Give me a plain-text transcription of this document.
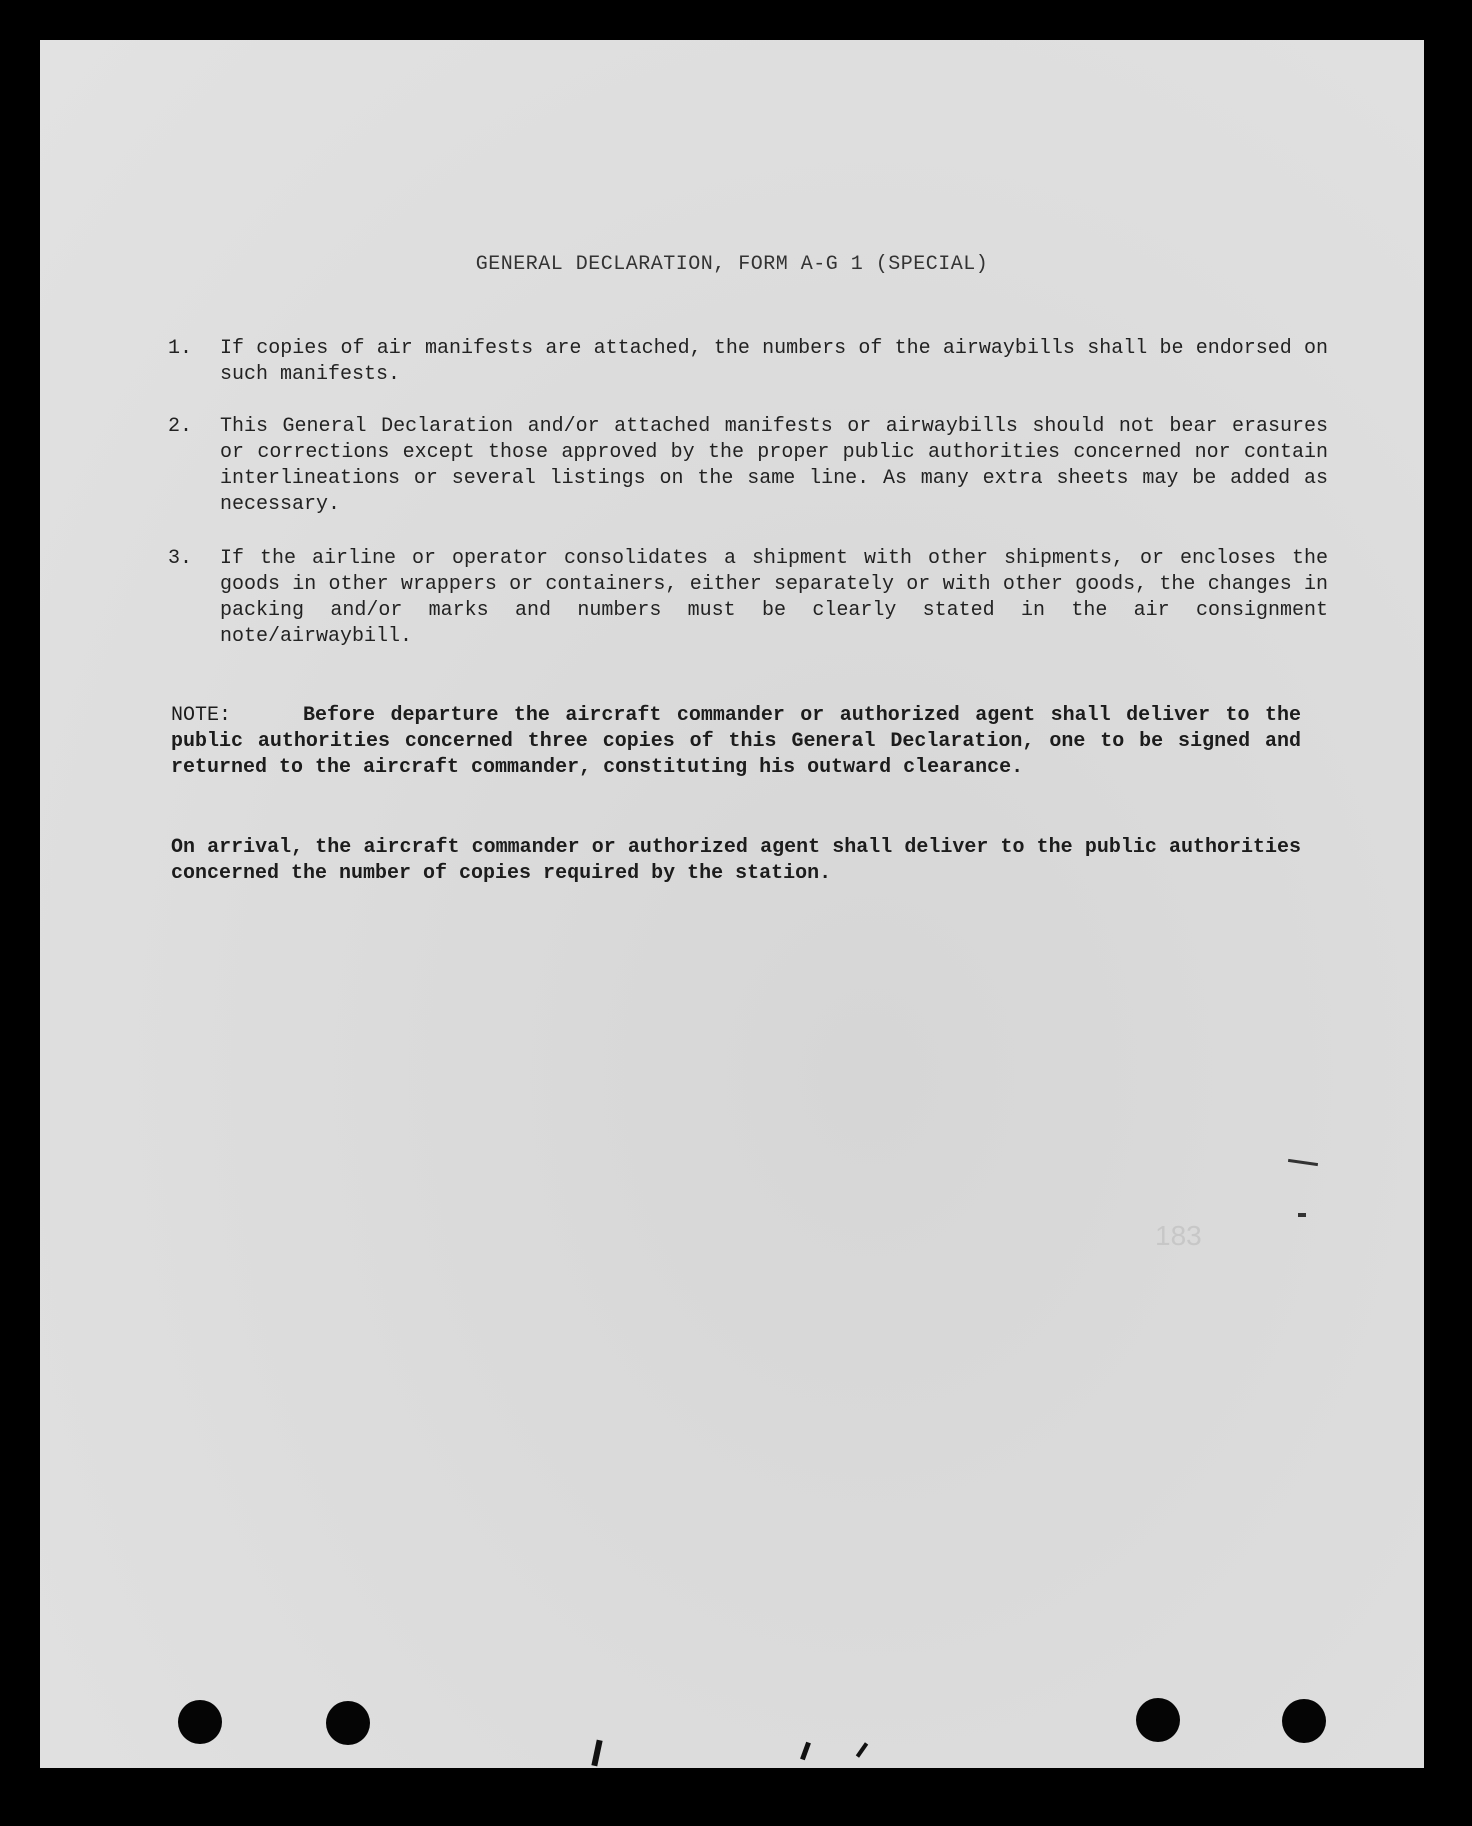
GENERAL DECLARATION, FORM A-G 1 (SPECIAL)
1.	If copies of air manifests are attached, the numbers of the airwaybills shall be endorsed on such manifests.
2.	This General Declaration and/or attached manifests or airwaybills should not bear erasures or corrections except those approved by the proper public authorities concerned nor contain interlineations or several listings on the same line. As many extra sheets may be added as necessary.
3.	If the airline or operator consolidates a shipment with other shipments, or encloses the goods in other wrappers or containers, either separately or with other goods, the changes in packing and/or marks and numbers must be clearly stated in the air consignment note/airwaybill.
NOTE:	Before departure the aircraft commander or authorized agent shall deliver to the public authorities concerned three copies of this General Declaration, one to be signed and returned to the aircraft commander, constituting his outward clearance.
On arrival, the aircraft commander or authorized agent shall deliver to the public authorities concerned the number of copies required by the station.
183
